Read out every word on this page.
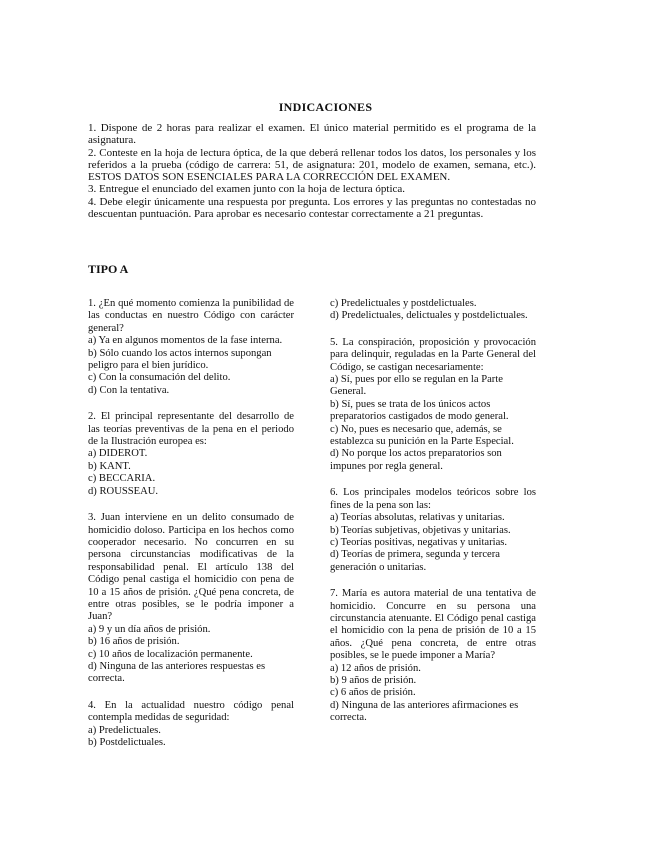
INDICACIONES

1. Dispone de 2 horas para realizar el examen. El único material permitido es el programa de la asignatura.

2. Conteste en la hoja de lectura óptica, de la que deberá rellenar todos los datos, los personales y los referidos a la prueba (código de carrera: 51, de asignatura: 201, modelo de examen, semana, etc.). ESTOS DATOS SON ESENCIALES PARA LA CORRECCIÓN DEL EXAMEN.

3. Entregue el enunciado del examen junto con la hoja de lectura óptica.

4. Debe elegir únicamente una respuesta por pregunta. Los errores y las preguntas no contestadas no descuentan puntuación. Para aprobar es necesario contestar correctamente a 21 preguntas.

TIPO A

1. ¿En qué momento comienza la punibilidad de las conductas en nuestro Código con carácter general?

a) Ya en algunos momentos de la fase interna.

b) Sólo cuando los actos internos supongan peligro para el bien jurídico.

c) Con la consumación del delito.

d) Con la tentativa.

2. El principal representante del desarrollo de las teorías preventivas de la pena en el periodo de la Ilustración europea es:

a) DIDEROT.

b) KANT.

c) BECCARIA.

d) ROUSSEAU.

3. Juan interviene en un delito consumado de homicidio doloso. Participa en los hechos como cooperador necesario. No concurren en su persona circunstancias modificativas de la responsabilidad penal. El artículo 138 del Código penal castiga el homicidio con pena de 10 a 15 años de prisión. ¿Qué pena concreta, de entre otras posibles, se le podría imponer a Juan?

a) 9 y un día años de prisión.

b) 16 años de prisión.

c) 10 años de localización permanente.

d) Ninguna de las anteriores respuestas es correcta.

4. En la actualidad nuestro código penal contempla medidas de seguridad:

a) Predelictuales.

b) Postdelictuales.

c) Predelictuales y postdelictuales.

d) Predelictuales, delictuales y postdelictuales.

5. La conspiración, proposición y provocación para delinquir, reguladas en la Parte General del Código, se castigan necesariamente:

a) Sí, pues por ello se regulan en la Parte General.

b) Sí, pues se trata de los únicos actos preparatorios castigados de modo general.

c) No, pues es necesario que, además, se establezca su punición en la Parte Especial.

d) No porque los actos preparatorios son impunes por regla general.

6. Los principales modelos teóricos sobre los fines de la pena son las:

a) Teorías absolutas, relativas y unitarias.

b) Teorías subjetivas, objetivas y unitarias.

c) Teorías positivas, negativas y unitarias.

d) Teorías de primera, segunda y tercera generación o unitarias.

7. María es autora material de una tentativa de homicidio. Concurre en su persona una circunstancia atenuante. El Código penal castiga el homicidio con la pena de prisión de 10 a 15 años. ¿Qué pena concreta, de entre otras posibles, se le puede imponer a María?

a) 12 años de prisión.

b) 9 años de prisión.

c) 6 años de prisión.

d) Ninguna de las anteriores afirmaciones es correcta.
